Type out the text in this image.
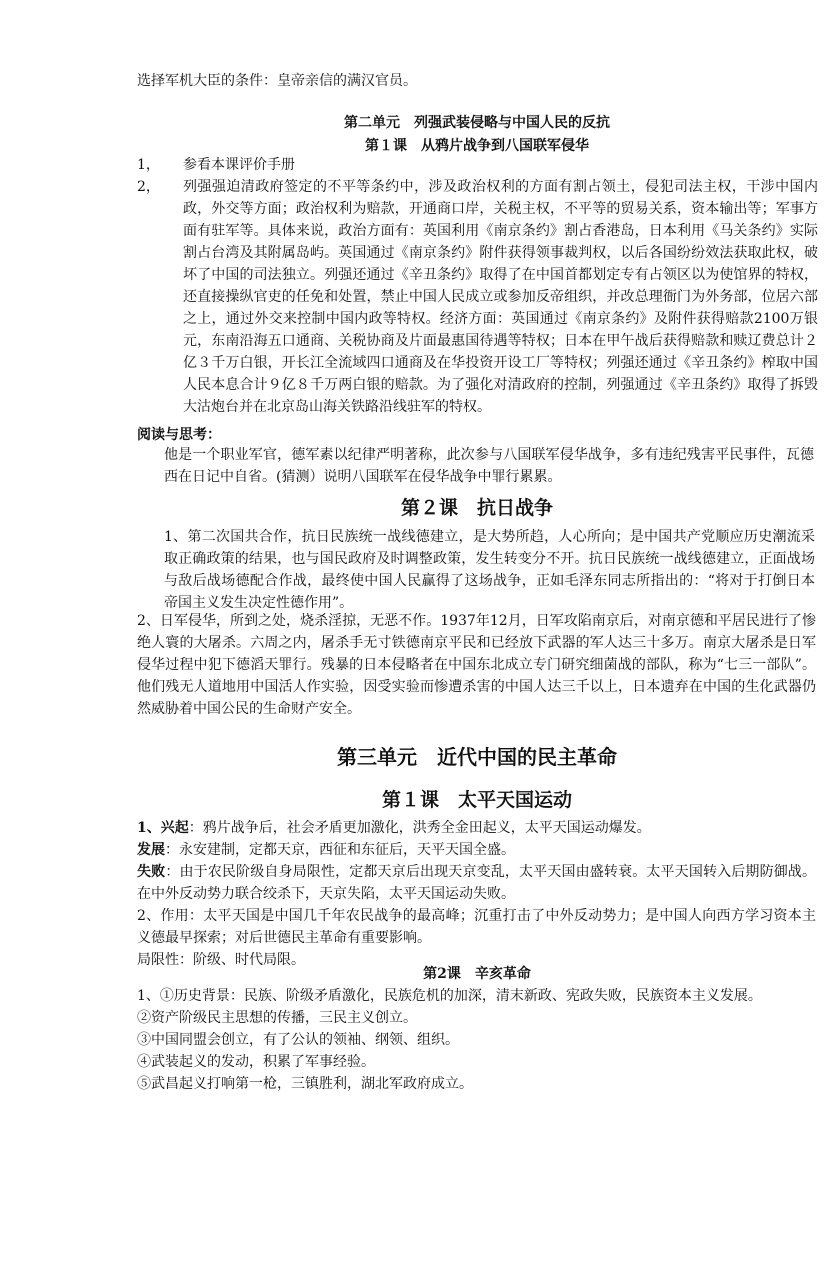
选择军机大臣的条件：皇帝亲信的满汉官员。

第二单元　列强武装侵略与中国人民的反抗

第１课　从鸦片战争到八国联军侵华

1， 参看本课评价手册
2， 列强强迫清政府签定的不平等条约中，涉及政治权利的方面有割占领土，侵犯司法主权，干涉中国内政，外交等方面；政治权利为赔款，开通商口岸，关税主权，不平等的贸易关系，资本输出等；军事方面有驻军等。具体来说，政治方面有：英国利用《南京条约》割占香港岛，日本利用《马关条约》实际割占台湾及其附属岛屿。英国通过《南京条约》附件获得领事裁判权，以后各国纷纷效法获取此权，破坏了中国的司法独立。列强还通过《辛丑条约》取得了在中国首都划定专有占领区以为使馆界的特权，还直接操纵官吏的任免和处置，禁止中国人民成立或参加反帝组织，并改总理衙门为外务部，位居六部之上，通过外交来控制中国内政等特权。经济方面：英国通过《南京条约》及附件获得赔款2100万银元，东南沿海五口通商、关税协商及片面最惠国待遇等特权；日本在甲午战后获得赔款和赎辽费总计２亿３千万白银，开长江全流域四口通商及在华投资开设工厂等特权；列强还通过《辛丑条约》榨取中国人民本息合计９亿８千万两白银的赔款。为了强化对清政府的控制，列强通过《辛丑条约》取得了拆毁大沽炮台并在北京岛山海关铁路沿线驻军的特权。

阅读与思考：

他是一个职业军官，德军素以纪律严明著称，此次参与八国联军侵华战争，多有违纪残害平民事件，瓦德西在日记中自省。(猜测）说明八国联军在侵华战争中罪行累累。

第２课　抗日战争

1、第二次国共合作，抗日民族统一战线德建立，是大势所趋，人心所向；是中国共产党顺应历史潮流采取正确政策的结果，也与国民政府及时调整政策，发生转变分不开。抗日民族统一战线德建立，正面战场与敌后战场德配合作战，最终使中国人民赢得了这场战争，正如毛泽东同志所指出的：“将对于打倒日本帝国主义发生决定性德作用”。

2、日军侵华，所到之处，烧杀淫掠，无恶不作。1937年12月，日军攻陷南京后，对南京德和平居民进行了惨绝人寰的大屠杀。六周之内，屠杀手无寸铁德南京平民和已经放下武器的军人达三十多万。南京大屠杀是日军侵华过程中犯下德滔天罪行。残暴的日本侵略者在中国东北成立专门研究细菌战的部队，称为“七三一部队”。他们残无人道地用中国活人作实验，因受实验而惨遭杀害的中国人达三千以上，日本遗弃在中国的生化武器仍然威胁着中国公民的生命财产安全。

第三单元　近代中国的民主革命

第１课　太平天国运动

1、兴起：鸦片战争后，社会矛盾更加激化，洪秀全金田起义，太平天国运动爆发。

发展：永安建制，定都天京，西征和东征后，天平天国全盛。

失败：由于农民阶级自身局限性，定都天京后出现天京变乱，太平天国由盛转衰。太平天国转入后期防御战。在中外反动势力联合绞杀下，天京失陷，太平天国运动失败。

2、作用：太平天国是中国几千年农民战争的最高峰；沉重打击了中外反动势力；是中国人向西方学习资本主义德最早探索；对后世德民主革命有重要影响。

局限性：阶级、时代局限。

第2课　辛亥革命

1、①历史背景：民族、阶级矛盾激化，民族危机的加深，清末新政、宪政失败，民族资本主义发展。

②资产阶级民主思想的传播，三民主义创立。

③中国同盟会创立，有了公认的领袖、纲领、组织。

④武装起义的发动，积累了军事经验。

⑤武昌起义打响第一枪，三镇胜利，湖北军政府成立。
